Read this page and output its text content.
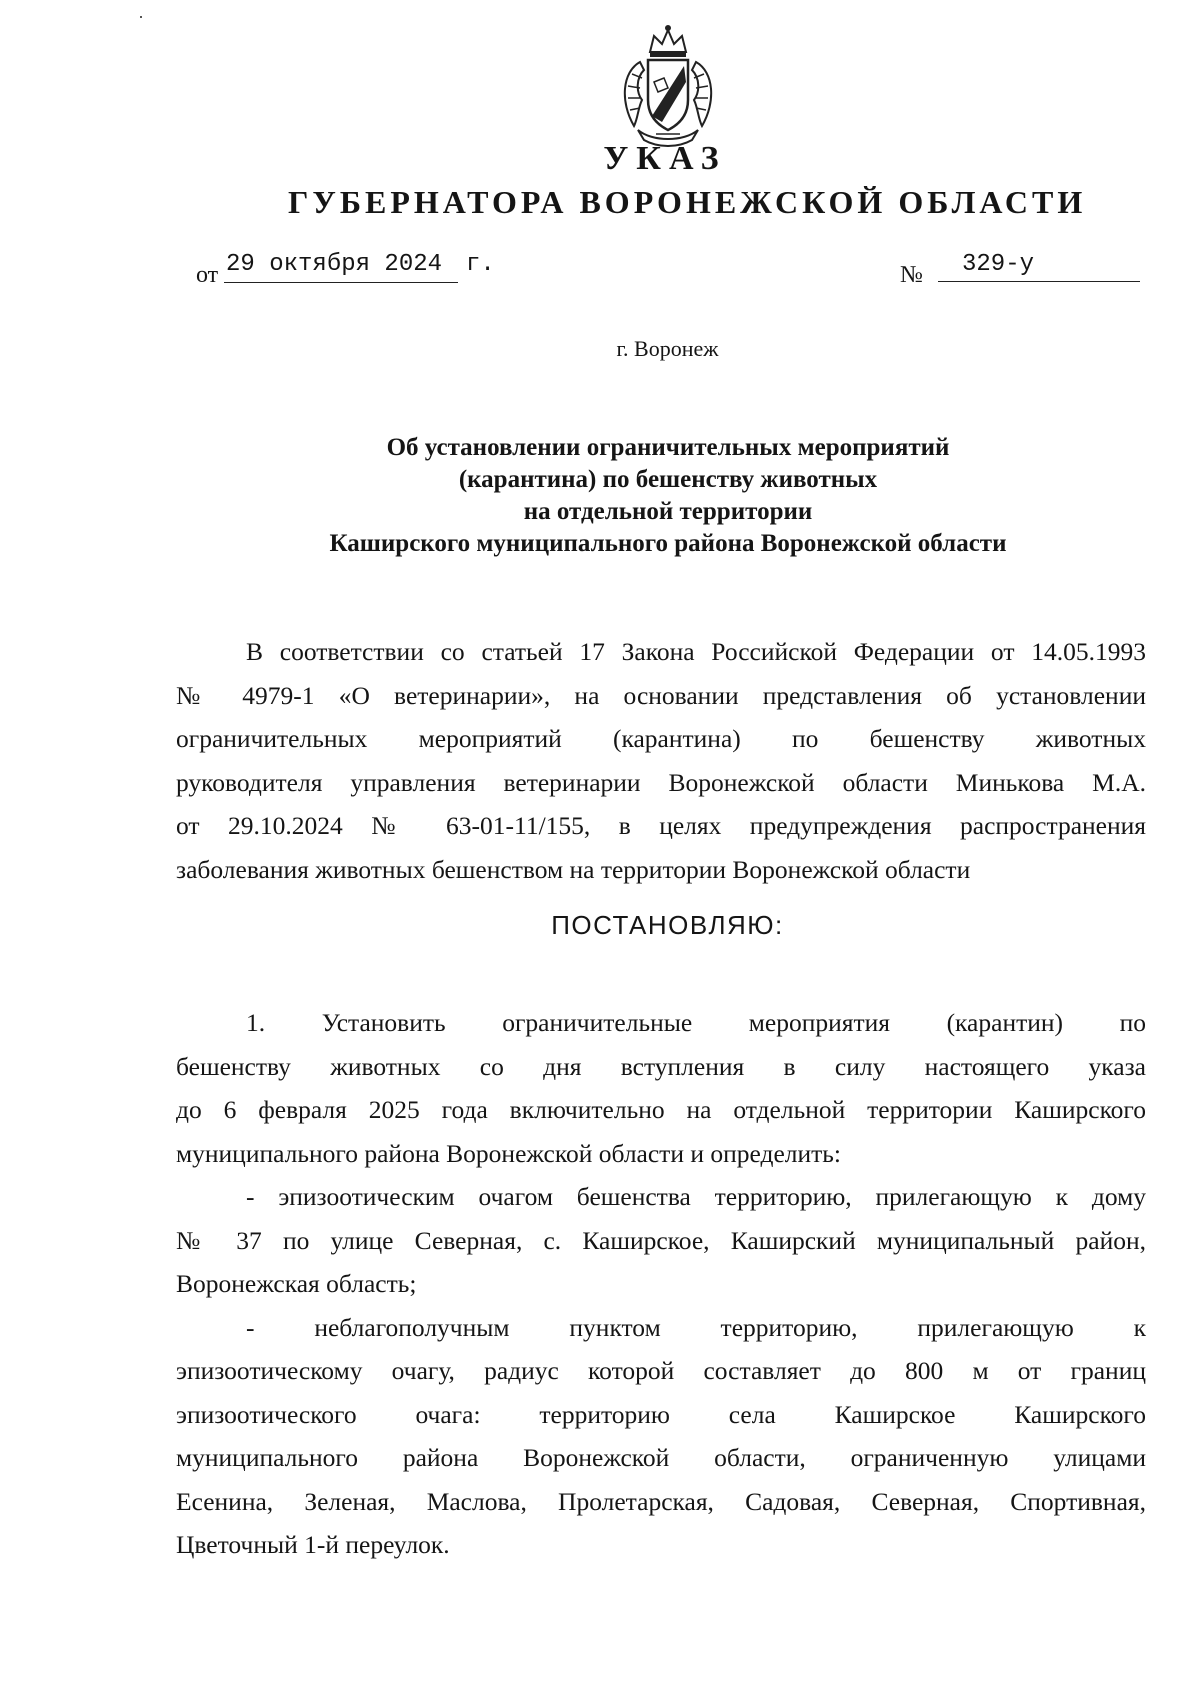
УКАЗ
ГУБЕРНАТОРА ВОРОНЕЖСКОЙ ОБЛАСТИ
от 29 октября 2024 г.	№	329-у
г. Воронеж
Об установлении ограничительных мероприятий
(карантина) по бешенству животных
на отдельной территории
Каширского муниципального района Воронежской области
В соответствии со статьей 17 Закона Российской Федерации от 14.05.1993
№ 4979-1 «О ветеринарии», на основании представления об установлении
ограничительных мероприятий (карантина) по бешенству животных
руководителя управления ветеринарии Воронежской области Минькова М.А.
от 29.10.2024 № 63-01-11/155, в целях предупреждения распространения
заболевания животных бешенством на территории Воронежской области
ПОСТАНОВЛЯЮ:
1. Установить ограничительные мероприятия (карантин) по
бешенству животных со дня вступления в силу настоящего указа
до 6 февраля 2025 года включительно на отдельной территории Каширского
муниципального района Воронежской области и определить:
- эпизоотическим очагом бешенства территорию, прилегающую к дому
№ 37 по улице Северная, с. Каширское, Каширский муниципальный район,
Воронежская область;
- неблагополучным пунктом территорию, прилегающую к
эпизоотическому очагу, радиус которой составляет до 800 м от границ
эпизоотического очага: территорию села Каширское Каширского
муниципального района Воронежской области, ограниченную улицами
Есенина, Зеленая, Маслова, Пролетарская, Садовая, Северная, Спортивная,
Цветочный 1-й переулок.
